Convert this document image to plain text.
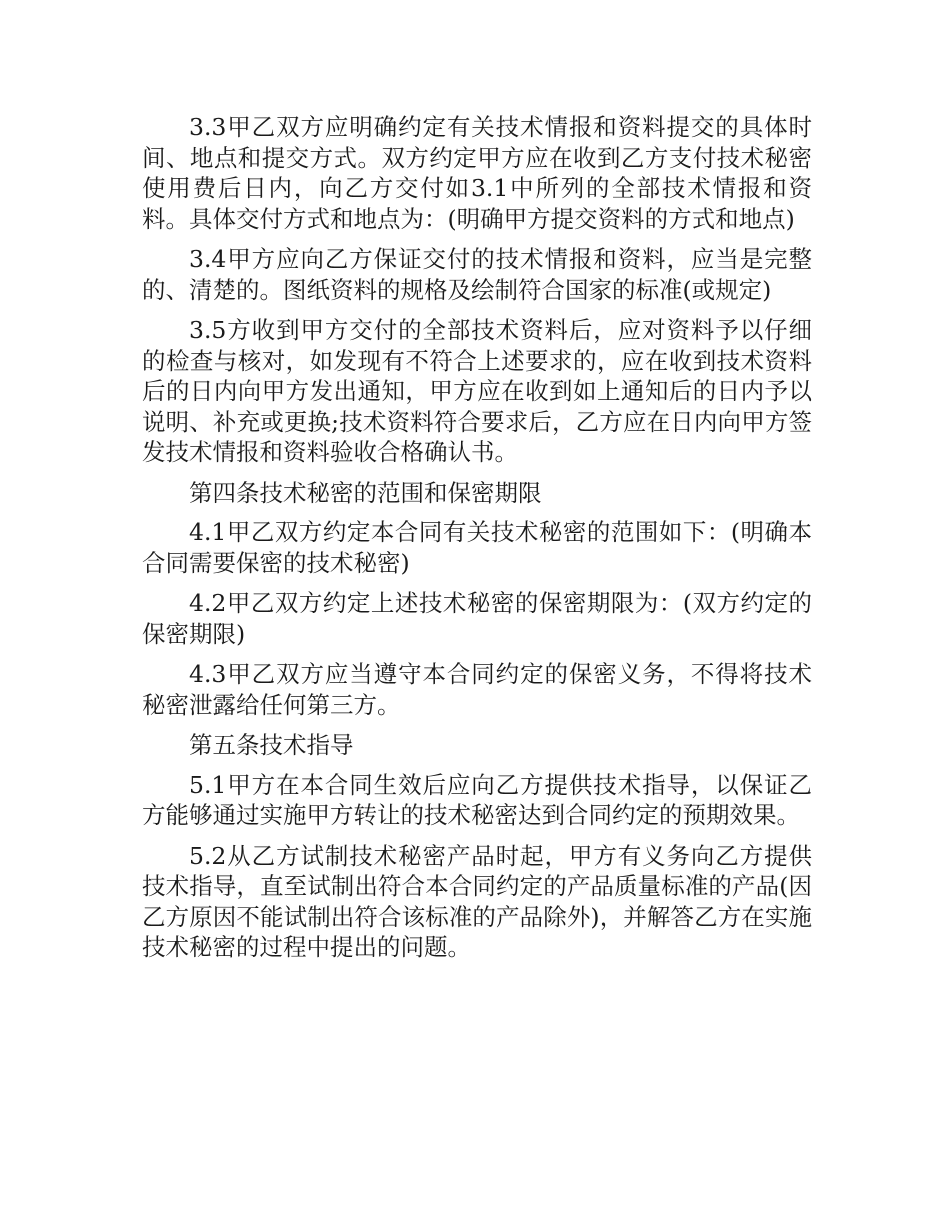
3.3甲乙双方应明确约定有关技术情报和资料提交的具体时间、地点和提交方式。双方约定甲方应在收到乙方支付技术秘密使用费后日内，向乙方交付如3.1中所列的全部技术情报和资料。具体交付方式和地点为：(明确甲方提交资料的方式和地点)

3.4甲方应向乙方保证交付的技术情报和资料，应当是完整的、清楚的。图纸资料的规格及绘制符合国家的标准(或规定)

3.5方收到甲方交付的全部技术资料后，应对资料予以仔细的检查与核对，如发现有不符合上述要求的，应在收到技术资料后的日内向甲方发出通知，甲方应在收到如上通知后的日内予以说明、补充或更换;技术资料符合要求后，乙方应在日内向甲方签发技术情报和资料验收合格确认书。

第四条技术秘密的范围和保密期限

4.1甲乙双方约定本合同有关技术秘密的范围如下：(明确本合同需要保密的技术秘密)

4.2甲乙双方约定上述技术秘密的保密期限为：(双方约定的保密期限)

4.3甲乙双方应当遵守本合同约定的保密义务，不得将技术秘密泄露给任何第三方。

第五条技术指导

5.1甲方在本合同生效后应向乙方提供技术指导，以保证乙方能够通过实施甲方转让的技术秘密达到合同约定的预期效果。

5.2从乙方试制技术秘密产品时起，甲方有义务向乙方提供技术指导，直至试制出符合本合同约定的产品质量标准的产品(因乙方原因不能试制出符合该标准的产品除外)，并解答乙方在实施技术秘密的过程中提出的问题。
